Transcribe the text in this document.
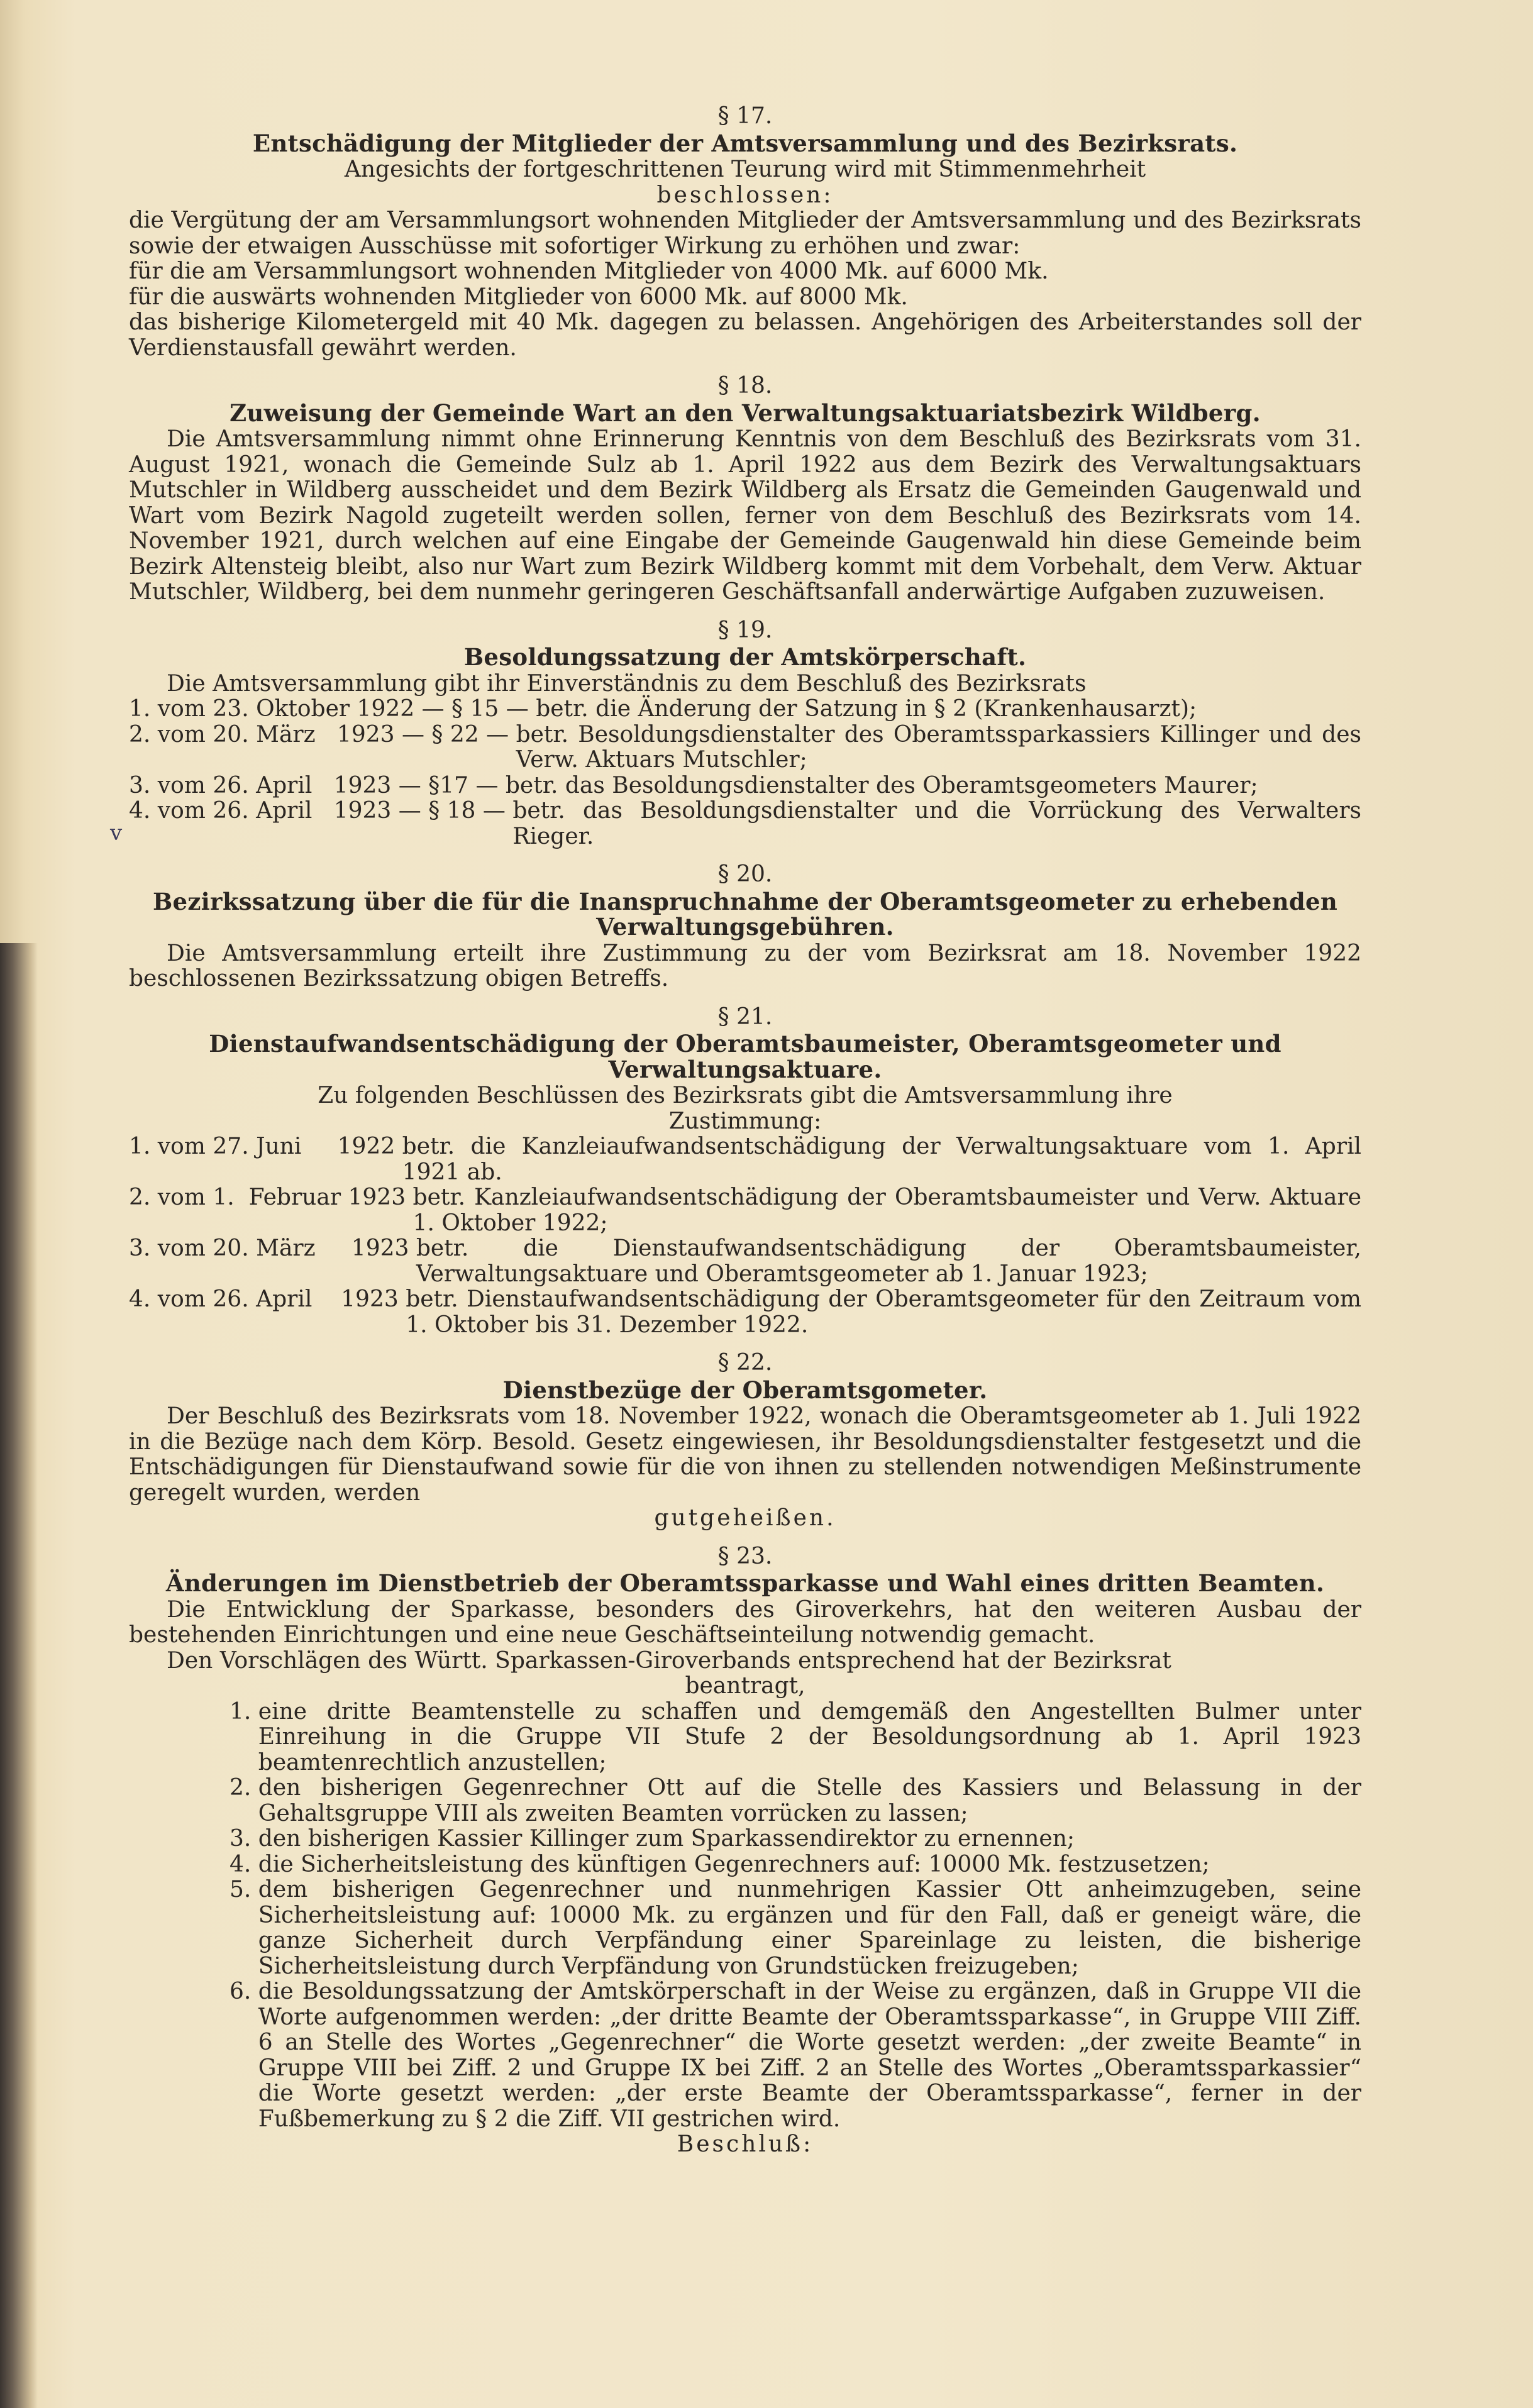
v
§ 17.
Entschädigung der Mitglieder der Amtsversammlung und des Bezirksrats.
Angesichts der fortgeschrittenen Teurung wird mit Stimmenmehrheit
beschlossen:

die Vergütung der am Versammlungsort wohnenden Mitglieder der Amtsversammlung und des Bezirksrats sowie der etwaigen Ausschüsse mit sofortiger Wirkung zu erhöhen und zwar:

für die am Versammlungsort wohnenden Mitglieder von 4000 Mk. auf 6000 Mk.

für die auswärts wohnenden Mitglieder von 6000 Mk. auf 8000 Mk.

das bisherige Kilometergeld mit 40 Mk. dagegen zu belassen. Angehörigen des Arbeiterstandes soll der Verdienstausfall gewährt werden.

§ 18.
Zuweisung der Gemeinde Wart an den Verwaltungsaktuariatsbezirk Wildberg.

Die Amtsversammlung nimmt ohne Erinnerung Kenntnis von dem Beschluß des Bezirksrats vom 31. August 1921, wonach die Gemeinde Sulz ab 1. April 1922 aus dem Bezirk des Verwaltungsaktuars Mutschler in Wildberg ausscheidet und dem Bezirk Wildberg als Ersatz die Gemeinden Gaugenwald und Wart vom Bezirk Nagold zugeteilt werden sollen, ferner von dem Beschluß des Bezirksrats vom 14. November 1921, durch welchen auf eine Eingabe der Gemeinde Gaugenwald hin diese Gemeinde beim Bezirk Altensteig bleibt, also nur Wart zum Bezirk Wildberg kommt mit dem Vorbehalt, dem Verw. Aktuar Mutschler, Wildberg, bei dem nunmehr geringeren Geschäftsanfall anderwärtige Aufgaben zuzuweisen.

§ 19.
Besoldungssatzung der Amtskörperschaft.

Die Amtsversammlung gibt ihr Einverständnis zu dem Beschluß des Bezirksrats

1. vom 23. Oktober 1922 — § 15 — betr. die Änderung der Satzung in § 2 (Krankenhausarzt);
2. vom 20. März   1923 — § 22 — betr. Besoldungsdienstalter des Oberamtssparkassiers Killinger und des Verw. Aktuars Mutschler;
3. vom 26. April   1923 — §17 — betr. das Besoldungsdienstalter des Oberamtsgeometers Maurer;
4. vom 26. April   1923 — § 18 — betr. das Besoldungsdienstalter und die Vorrückung des Verwalters Rieger.
§ 20.
Bezirkssatzung über die für die Inanspruchnahme der Oberamtsgeometer zu erhebenden Verwaltungsgebühren.

Die Amtsversammlung erteilt ihre Zustimmung zu der vom Bezirksrat am 18. November 1922 beschlossenen Bezirkssatzung obigen Betreffs.

§ 21.
Dienstaufwandsentschädigung der Oberamtsbaumeister, Oberamtsgeometer und Verwaltungsaktuare.
Zu folgenden Beschlüssen des Bezirksrats gibt die Amtsversammlung ihre
Zustimmung:
1. vom 27. Juni     1922 betr. die Kanzleiaufwandsentschädigung der Verwaltungsaktuare vom 1. April 1921 ab.
2. vom 1.  Februar 1923 betr. Kanzleiaufwandsentschädigung der Oberamtsbaumeister und Verw. Aktuare 1. Oktober 1922;
3. vom 20. März     1923 betr. die Dienstaufwandsentschädigung der Oberamtsbaumeister, Verwaltungsaktuare und Oberamtsgeometer ab 1. Januar 1923;
4. vom 26. April    1923 betr. Dienstaufwandsentschädigung der Oberamtsgeometer für den Zeitraum vom 1. Oktober bis 31. Dezember 1922.
§ 22.
Dienstbezüge der Oberamtsgometer.

Der Beschluß des Bezirksrats vom 18. November 1922, wonach die Oberamtsgeometer ab 1. Juli 1922 in die Bezüge nach dem Körp. Besold. Gesetz eingewiesen, ihr Besoldungsdienstalter festgesetzt und die Entschädigungen für Dienstaufwand sowie für die von ihnen zu stellenden notwendigen Meßinstrumente geregelt wurden, werden

gutgeheißen.
§ 23.
Änderungen im Dienstbetrieb der Oberamtssparkasse und Wahl eines dritten Beamten.

Die Entwicklung der Sparkasse, besonders des Giroverkehrs, hat den weiteren Ausbau der bestehenden Einrichtungen und eine neue Geschäftseinteilung notwendig gemacht.

Den Vorschlägen des Württ. Sparkassen-Giroverbands entsprechend hat der Bezirksrat

beantragt,
1. eine dritte Beamtenstelle zu schaffen und demgemäß den Angestellten Bulmer unter Einreihung in die Gruppe VII Stufe 2 der Besoldungsordnung ab 1. April 1923 beamtenrechtlich anzustellen;
2. den bisherigen Gegenrechner Ott auf die Stelle des Kassiers und Belassung in der Gehaltsgruppe VIII als zweiten Beamten vorrücken zu lassen;
3. den bisherigen Kassier Killinger zum Sparkassendirektor zu ernennen;
4. die Sicherheitsleistung des künftigen Gegenrechners auf: 10000 Mk. festzusetzen;
5. dem bisherigen Gegenrechner und nunmehrigen Kassier Ott anheimzugeben, seine Sicherheitsleistung auf: 10000 Mk. zu ergänzen und für den Fall, daß er geneigt wäre, die ganze Sicherheit durch Verpfändung einer Spareinlage zu leisten, die bisherige Sicherheitsleistung durch Verpfändung von Grundstücken freizugeben;
6. die Besoldungssatzung der Amtskörperschaft in der Weise zu ergänzen, daß in Gruppe VII die Worte aufgenommen werden: „der dritte Beamte der Oberamtssparkasse“, in Gruppe VIII Ziff. 6 an Stelle des Wortes „Gegenrechner“ die Worte gesetzt werden: „der zweite Beamte“ in Gruppe VIII bei Ziff. 2 und Gruppe IX bei Ziff. 2 an Stelle des Wortes „Oberamtssparkassier“ die Worte gesetzt werden: „der erste Beamte der Oberamtssparkasse“, ferner in der Fußbemerkung zu § 2 die Ziff. VII gestrichen wird.
Beschluß:
